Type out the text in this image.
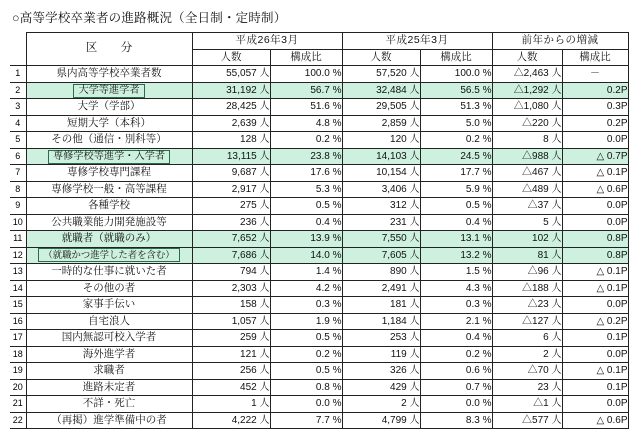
○高等学校卒業者の進路概況（全日制・定時制）
	区　分	平成26年3月		平成25年3月		前年からの増減	
		人数	構成比	人数	構成比	人数	構成比
1	県内高等学校卒業者数	55,057 人	100.0 %	57,520 人	100.0 %	△2,463 人	－
2	大学等進学者	31,192 人	56.7 %	32,484 人	56.5 %	△1,292 人	0.2P
3	大学（学部）	28,425 人	51.6 %	29,505 人	51.3 %	△1,080 人	0.3P
4	短期大学（本科）	2,639 人	4.8 %	2,859 人	5.0 %	△220 人	0.2P
5	その他（通信・別科等）	128 人	0.2 %	120 人	0.2 %	8 人	0.0P
6	専修学校等進学・入学者	13,115 人	23.8 %	14,103 人	24.5 %	△988 人	△ 0.7P
7	専修学校専門課程	9,687 人	17.6 %	10,154 人	17.7 %	△467 人	△ 0.1P
8	専修学校一般・高等課程	2,917 人	5.3 %	3,406 人	5.9 %	△489 人	△ 0.6P
9	各種学校	275 人	0.5 %	312 人	0.5 %	△37 人	0.0P
10	公共職業能力開発施設等	236 人	0.4 %	231 人	0.4 %	5 人	0.0P
11	就職者（就職のみ）	7,652 人	13.9 %	7,550 人	13.1 %	102 人	0.8P
12	（就職かつ進学した者を含む）	7,686 人	14.0 %	7,605 人	13.2 %	81 人	0.8P
13	一時的な仕事に就いた者	794 人	1.4 %	890 人	1.5 %	△96 人	△ 0.1P
14	その他の者	2,303 人	4.2 %	2,491 人	4.3 %	△188 人	△ 0.1P
15	家事手伝い	158 人	0.3 %	181 人	0.3 %	△23 人	0.0P
16	自宅浪人	1,057 人	1.9 %	1,184 人	2.1 %	△127 人	△ 0.2P
17	国内無認可校入学者	259 人	0.5 %	253 人	0.4 %	6 人	0.1P
18	海外進学者	121 人	0.2 %	119 人	0.2 %	2 人	0.0P
19	求職者	256 人	0.5 %	326 人	0.6 %	△70 人	△ 0.1P
20	進路未定者	452 人	0.8 %	429 人	0.7 %	23 人	0.1P
21	不詳・死亡	1 人	0.0 %	2 人	0.0 %	△1 人	0.0P
22	（再掲）進学準備中の者	4,222 人	7.7 %	4,799 人	8.3 %	△577 人	△ 0.6P
